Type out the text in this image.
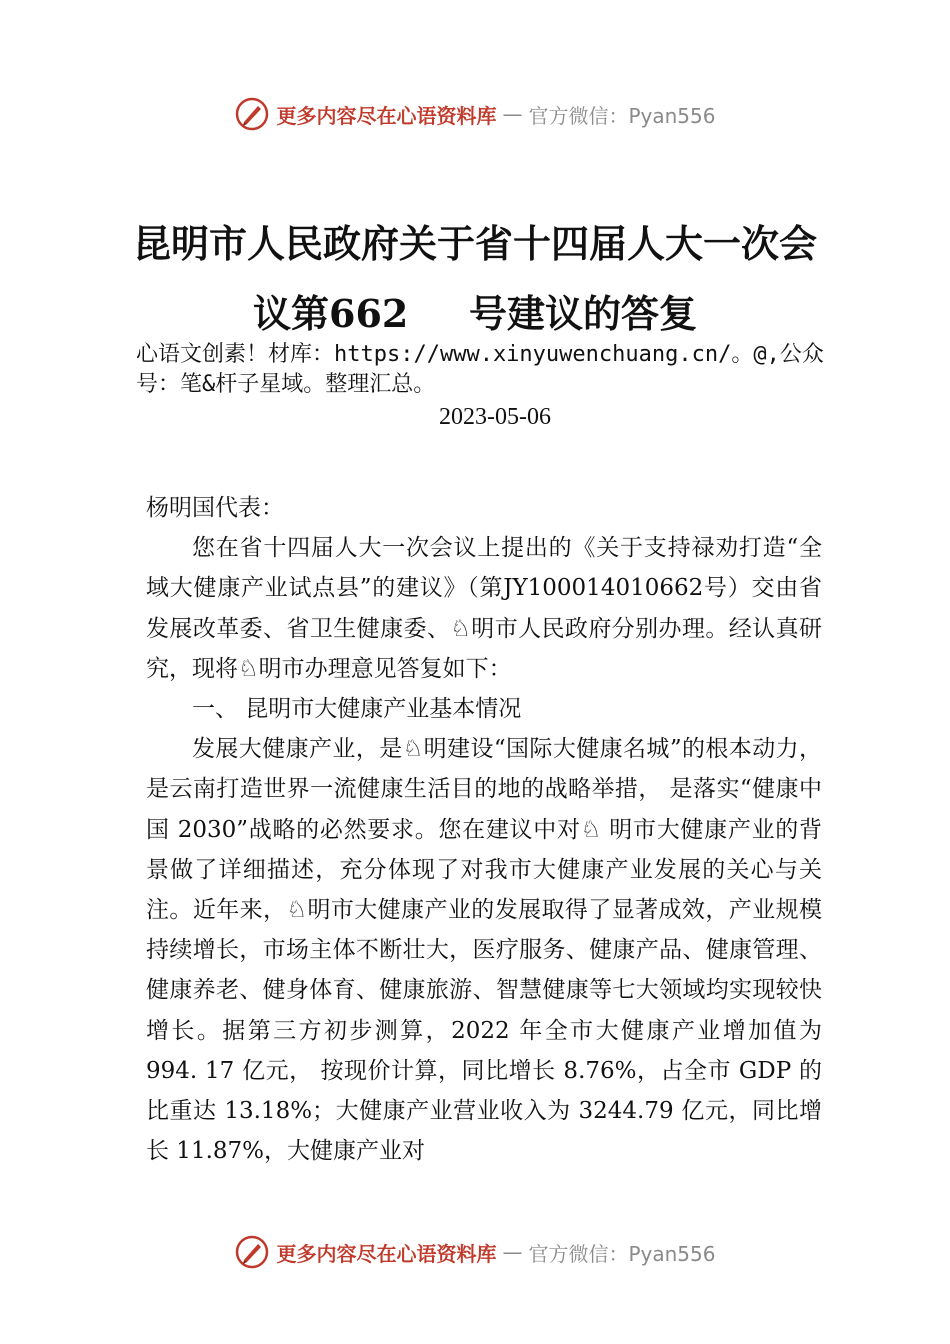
更多内容尽在心语资料库 — 官方微信：Pyan556
昆明市人民政府关于省十四届人大一次会
议第662 号建议的答复
心语文创素！材库：https://www.xinyuwenchuang.cn/。@,公众号：笔&杆子星域。整理汇总。
2023-05-06

杨明国代表：

您在省十四届人大一次会议上提出的《关于支持禄劝打造“全域大健康产业试点县”的建议》（第JY100014010662号）交由省发展改革委、省卫生健康委、♘明市人民政府分别办理。经认真研究，现将♘明市办理意见答复如下：

一、 昆明市大健康产业基本情况

发展大健康产业，是♘明建设“国际大健康名城”的根本动力，是云南打造世界一流健康生活目的地的战略举措， 是落实“健康中国 2030”战略的必然要求。您在建议中对♘ 明市大健康产业的背景做了详细描述，充分体现了对我市大健康产业发展的关心与关注。近年来，♘明市大健康产业的发展取得了显著成效，产业规模持续增长，市场主体不断壮大，医疗服务、健康产品、健康管理、健康养老、健身体育、健康旅游、智慧健康等七大领域均实现较快增长。据第三方初步测算，2022 年全市大健康产业增加值为 994. 17 亿元， 按现价计算，同比增长 8.76%，占全市 GDP 的比重达 13.18%；大健康产业营业收入为 3244.79 亿元，同比增长 11.87%，大健康产业对

更多内容尽在心语资料库 — 官方微信：Pyan556
